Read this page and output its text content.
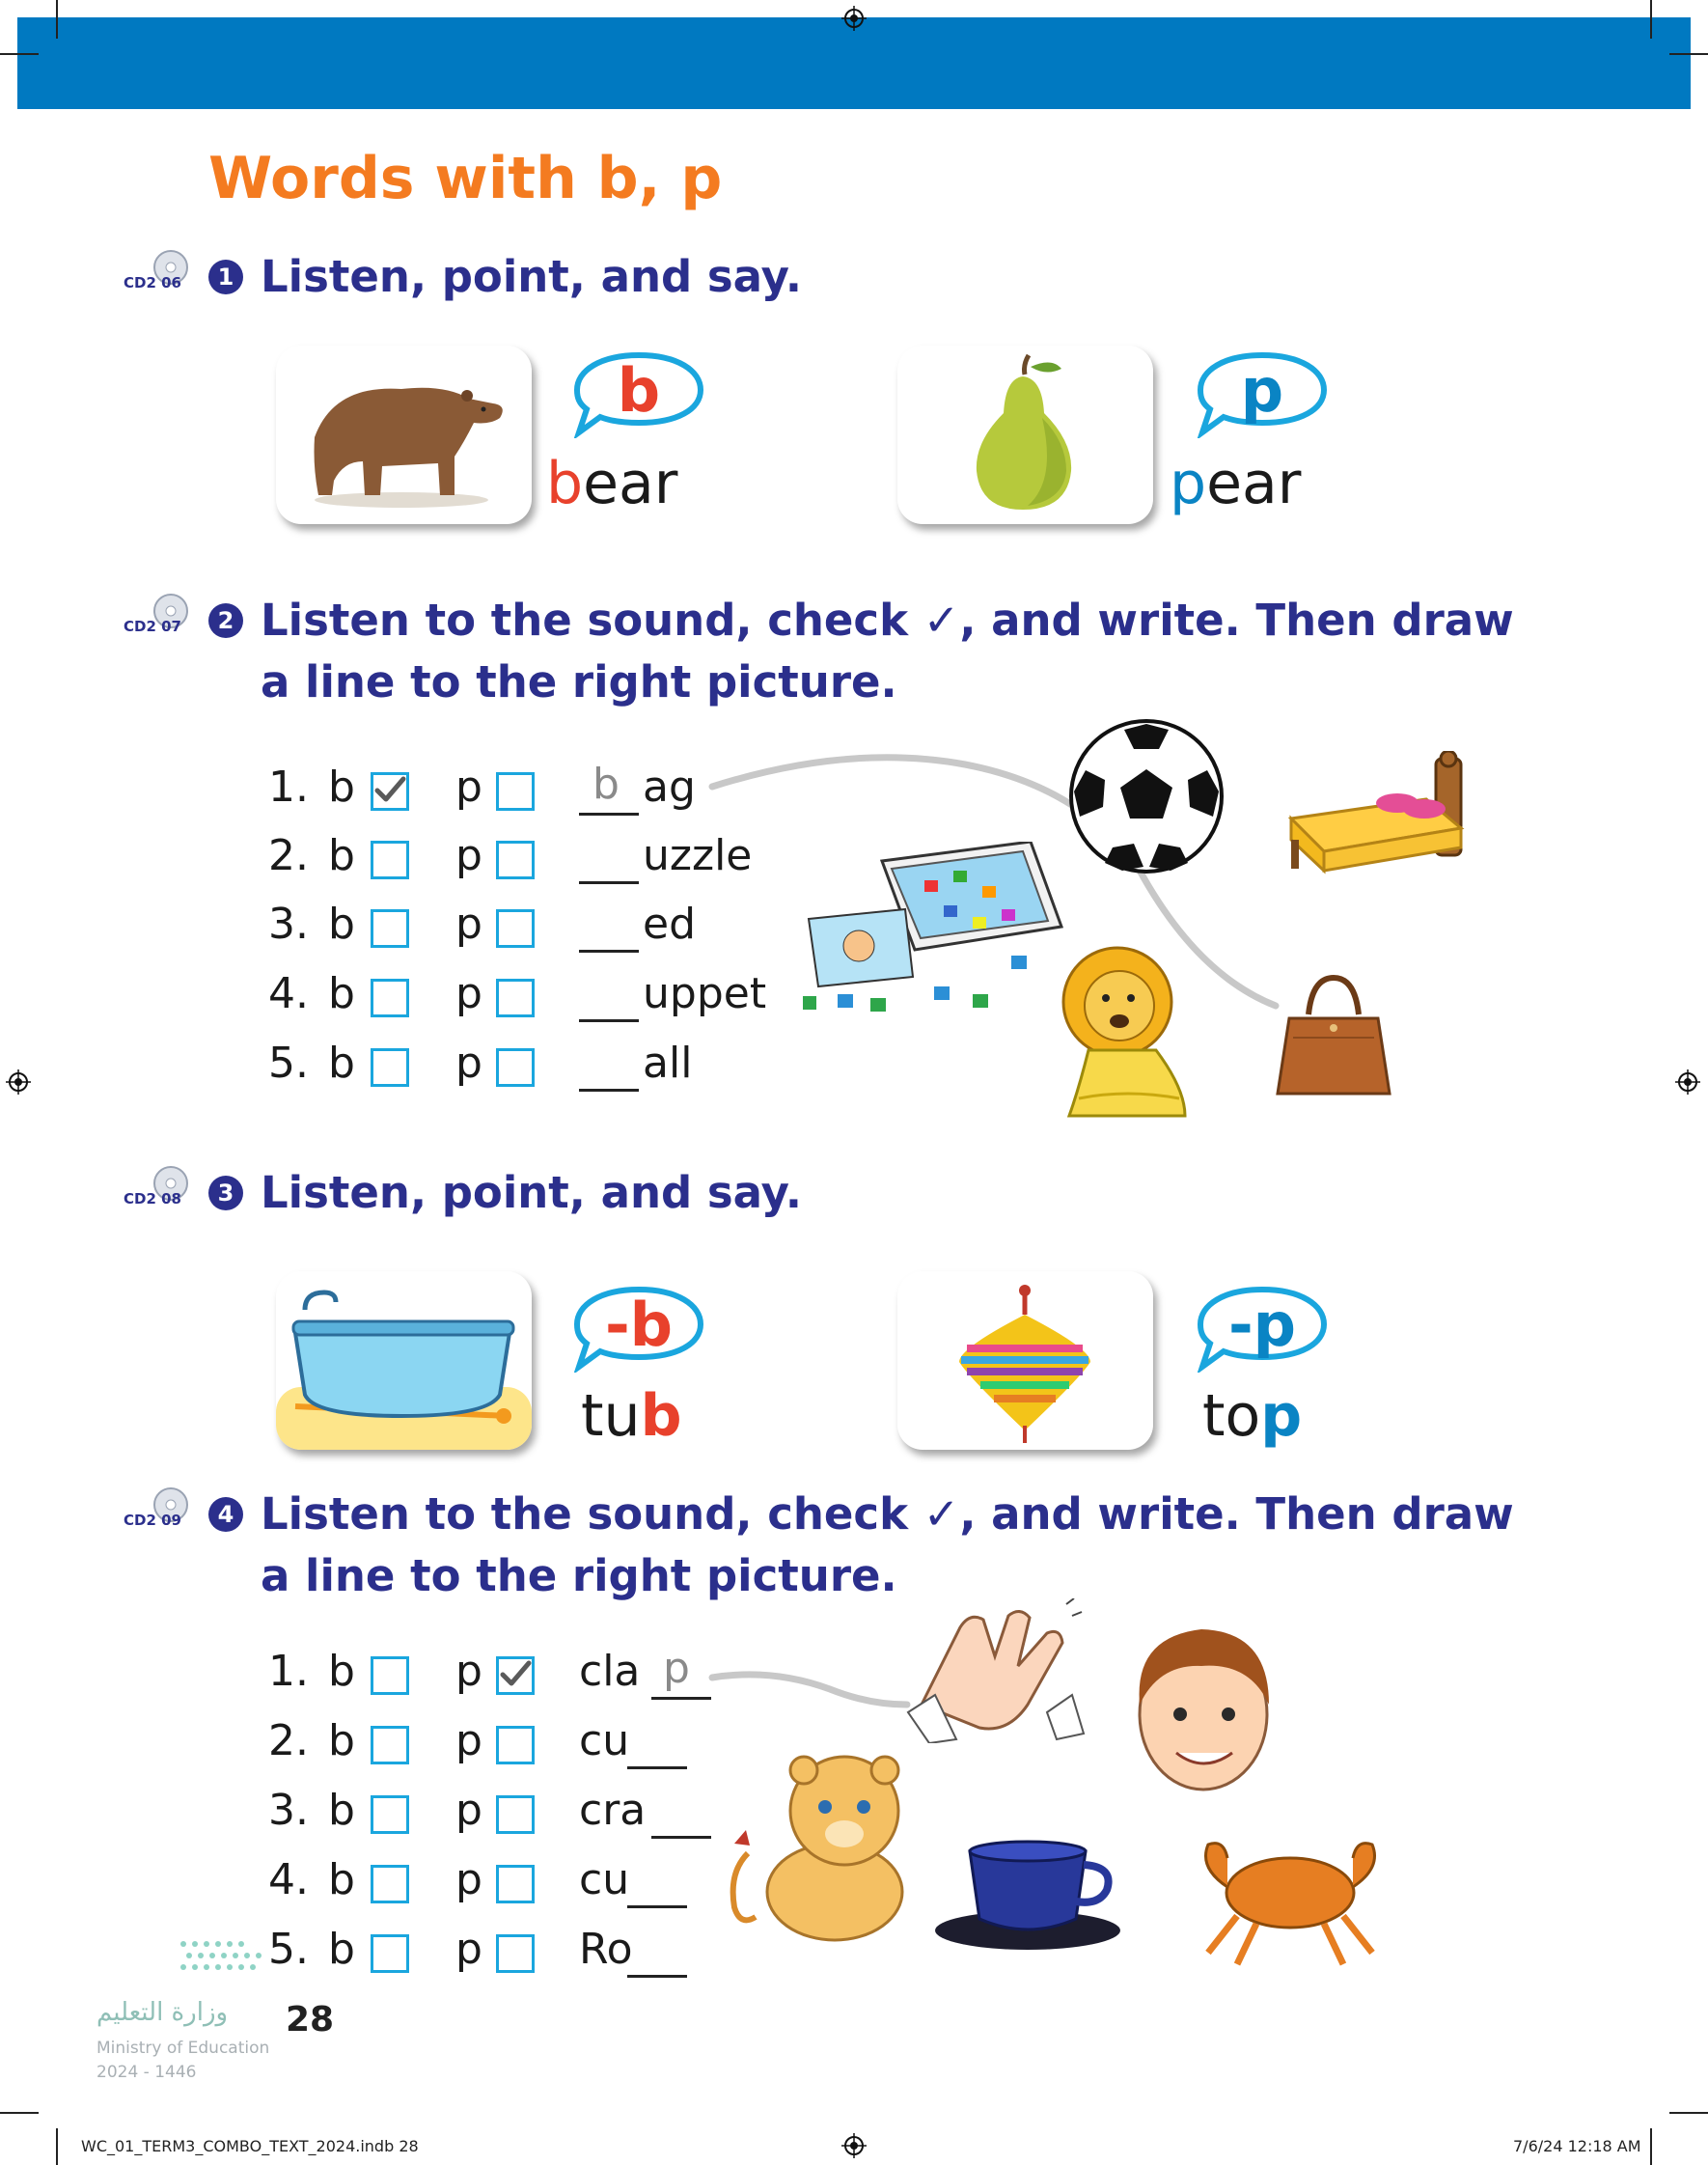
Words with b, p
CD2 06	1 Listen, point, and say.
b
bear
p
pear
CD2 07	2 Listen to the sound, check ✓, and write. Then draw
a line to the right picture.
1. b p	b ag
2. b p	uzzle
3. b p	ed
4. b p	uppet
5. b p	all
CD2 08	3 Listen, point, and say.
-b
tub
-p
top
CD2 09	4 Listen to the sound, check ✓, and write. Then draw
a line to the right picture.
1. b p cla p
2. b p cu
3. b p cra
4. b p cu
5. b p Ro
وزارة التعليم
Ministry of Education
2024 - 1446
28
WC_01_TERM3_COMBO_TEXT_2024.indb 28	7/6/24 12:18 AM
